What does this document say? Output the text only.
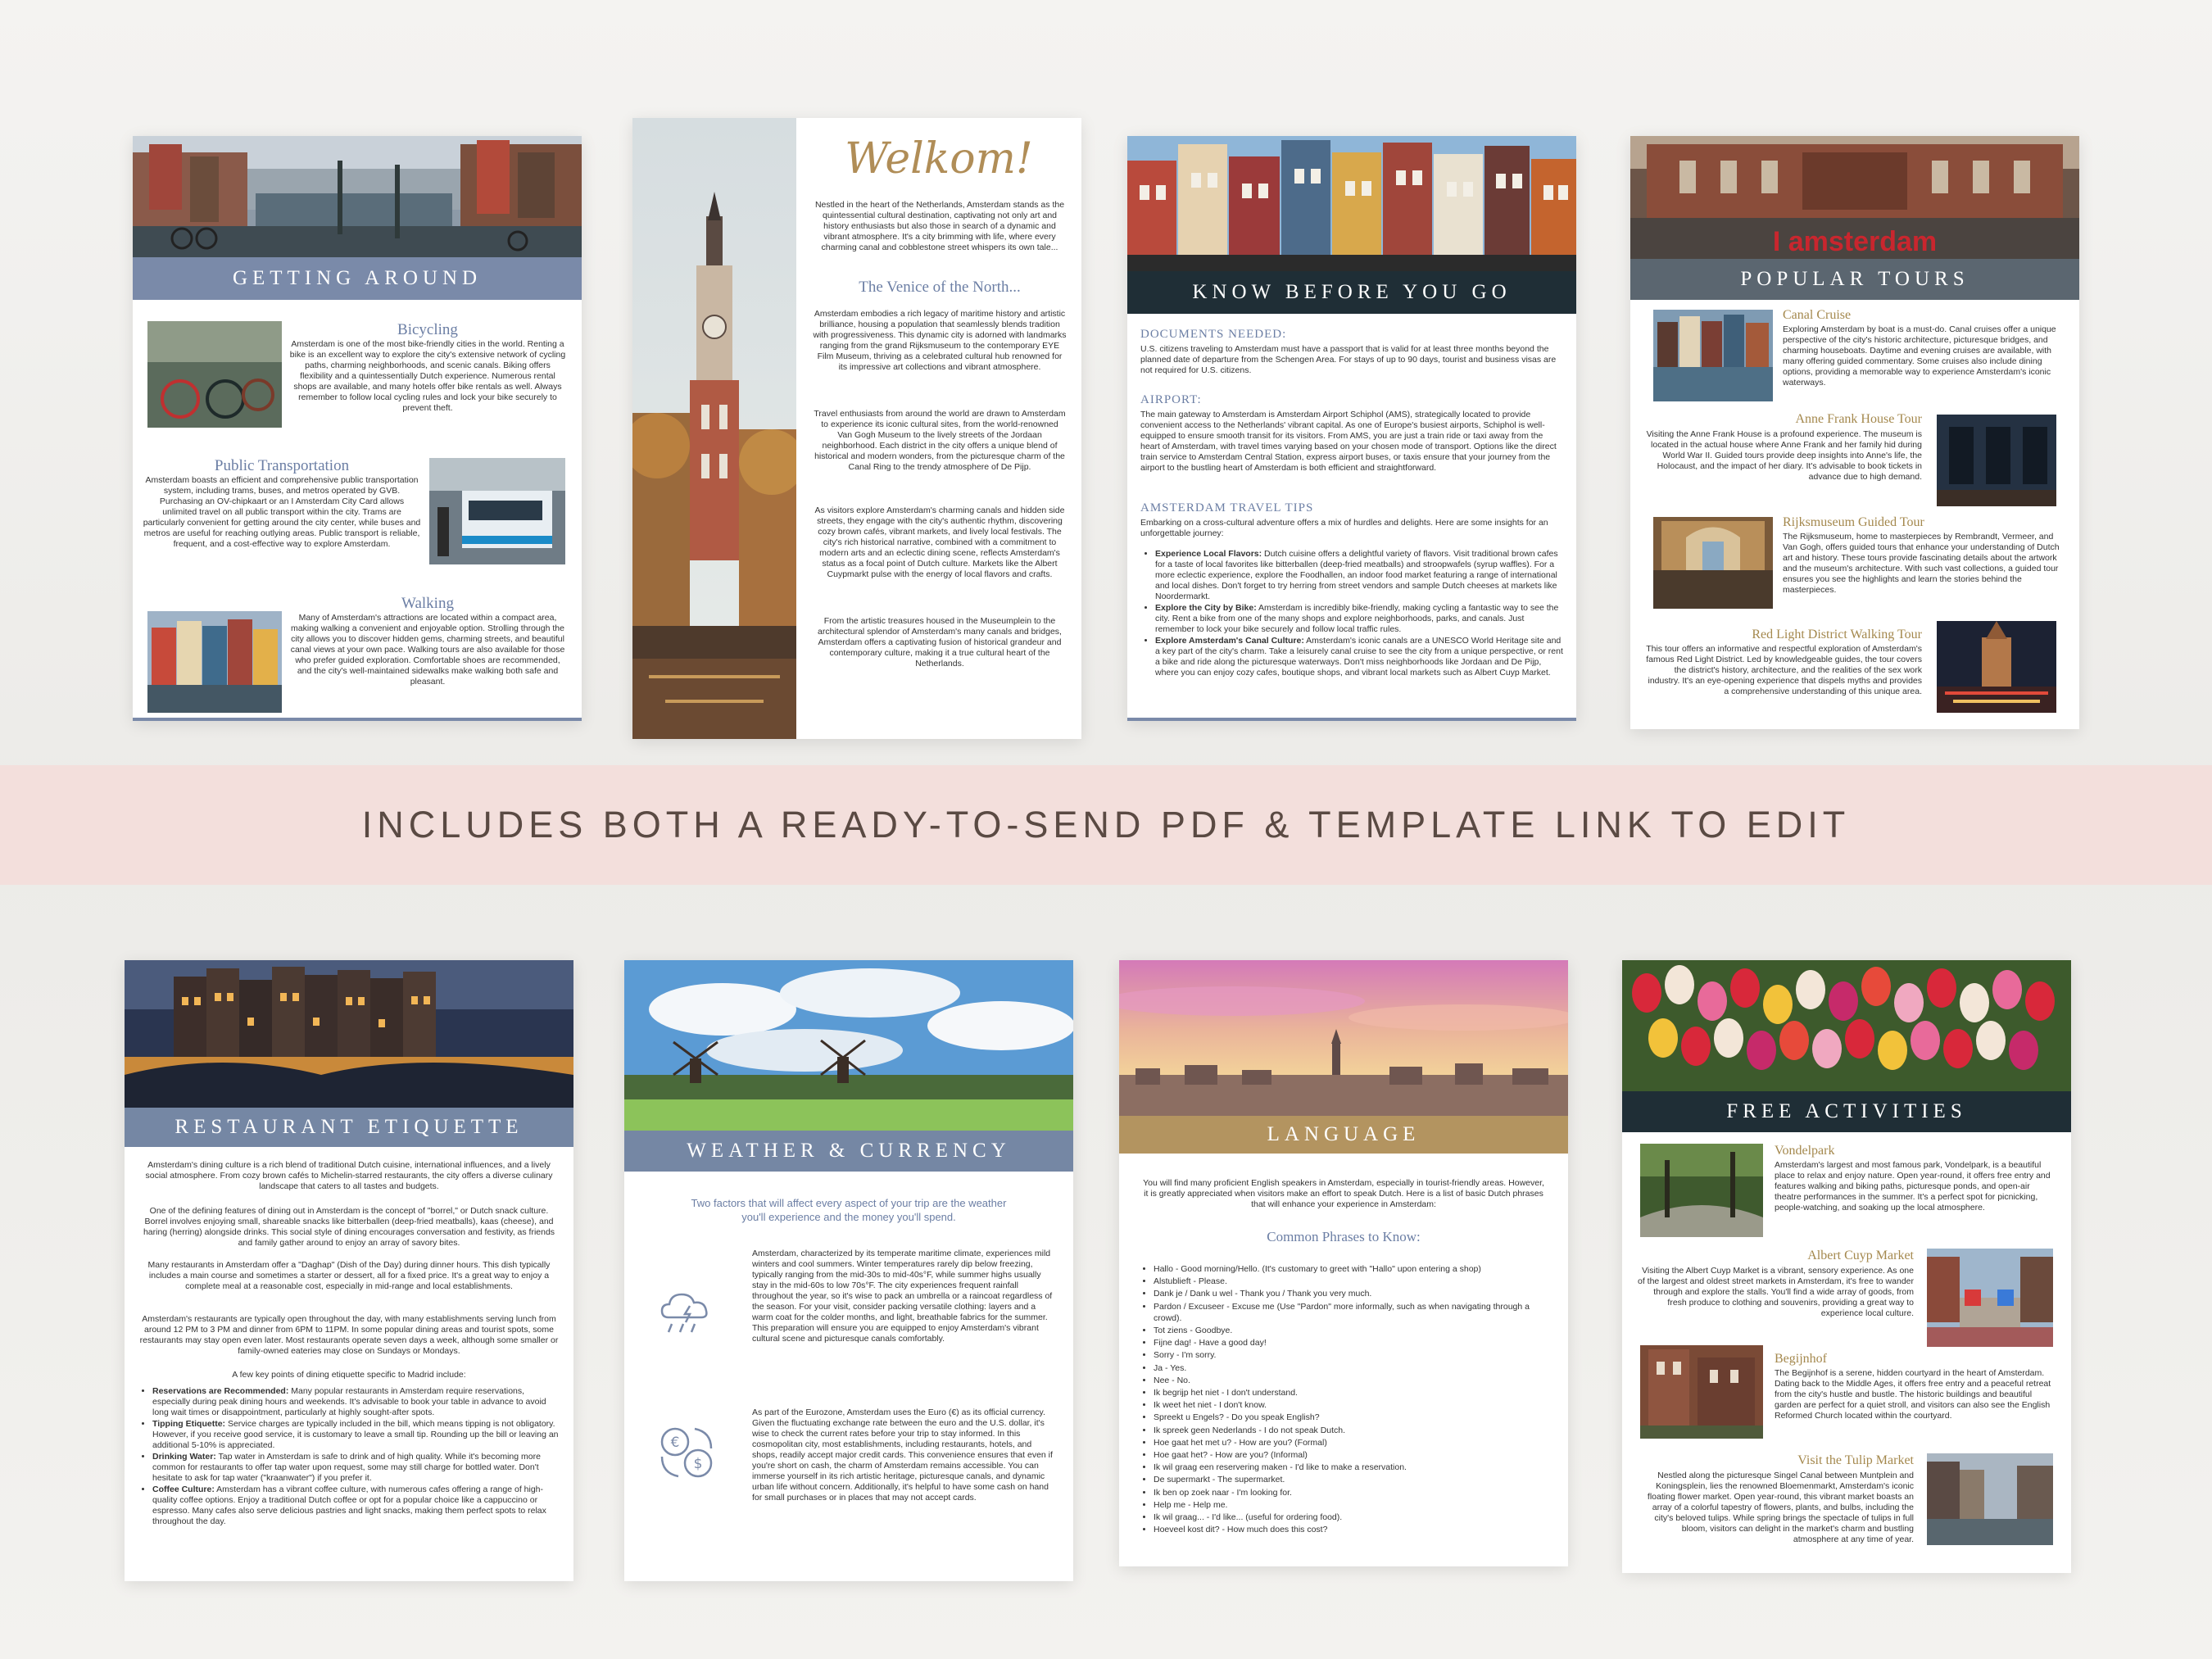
GETTING AROUND
Bicycling
Amsterdam is one of the most bike-friendly cities in the world. Renting a bike is an excellent way to explore the city's extensive network of cycling paths, charming neighborhoods, and scenic canals. Biking offers flexibility and a quintessentially Dutch experience. Numerous rental shops are available, and many hotels offer bike rentals as well. Always remember to follow local cycling rules and lock your bike securely to prevent theft.
Public Transportation
Amsterdam boasts an efficient and comprehensive public transportation system, including trams, buses, and metros operated by GVB. Purchasing an OV-chipkaart or an I Amsterdam City Card allows unlimited travel on all public transport within the city. Trams are particularly convenient for getting around the city center, while buses and metros are useful for reaching outlying areas. Public transport is reliable, frequent, and a cost-effective way to explore Amsterdam.
Walking
Many of Amsterdam's attractions are located within a compact area, making walking a convenient and enjoyable option. Strolling through the city allows you to discover hidden gems, charming streets, and beautiful canal views at your own pace. Walking tours are also available for those who prefer guided exploration. Comfortable shoes are recommended, and the city's well-maintained sidewalks make walking both safe and pleasant.
Welkom!
Nestled in the heart of the Netherlands, Amsterdam stands as the quintessential cultural destination, captivating not only art and history enthusiasts but also those in search of a dynamic and vibrant atmosphere. It's a city brimming with life, where every charming canal and cobblestone street whispers its own tale...
The Venice of the North...
Amsterdam embodies a rich legacy of maritime history and artistic brilliance, housing a population that seamlessly blends tradition with progressiveness. This dynamic city is adorned with landmarks ranging from the grand Rijksmuseum to the contemporary EYE Film Museum, thriving as a celebrated cultural hub renowned for its impressive art collections and vibrant atmosphere.
Travel enthusiasts from around the world are drawn to Amsterdam to experience its iconic cultural sites, from the world-renowned Van Gogh Museum to the lively streets of the Jordaan neighborhood. Each district in the city offers a unique blend of historical and modern wonders, from the picturesque charm of the Canal Ring to the trendy atmosphere of De Pijp.
As visitors explore Amsterdam's charming canals and hidden side streets, they engage with the city's authentic rhythm, discovering cozy brown cafés, vibrant markets, and lively local festivals. The city's rich historical narrative, combined with a commitment to modern arts and an eclectic dining scene, reflects Amsterdam's status as a focal point of Dutch culture. Markets like the Albert Cuypmarkt pulse with the energy of local flavors and crafts.
From the artistic treasures housed in the Museumplein to the architectural splendor of Amsterdam's many canals and bridges, Amsterdam offers a captivating fusion of historical grandeur and contemporary culture, making it a true cultural heart of the Netherlands.
KNOW BEFORE YOU GO
DOCUMENTS NEEDED:
U.S. citizens traveling to Amsterdam must have a passport that is valid for at least three months beyond the planned date of departure from the Schengen Area. For stays of up to 90 days, tourist and business visas are not required for U.S. citizens.
AIRPORT:
The main gateway to Amsterdam is Amsterdam Airport Schiphol (AMS), strategically located to provide convenient access to the Netherlands' vibrant capital. As one of Europe's busiest airports, Schiphol is well-equipped to ensure smooth transit for its visitors. From AMS, you are just a train ride or taxi away from the heart of Amsterdam, with travel times varying based on your chosen mode of transport. Options like the direct train service to Amsterdam Central Station, express airport buses, or taxis ensure that your journey from the airport to the bustling heart of Amsterdam is both efficient and straightforward.
AMSTERDAM TRAVEL TIPS
Embarking on a cross-cultural adventure offers a mix of hurdles and delights. Here are some insights for an unforgettable journey:
• Experience Local Flavors: Dutch cuisine offers a delightful variety of flavors. Visit traditional brown cafes for a taste of local favorites like bitterballen (deep-fried meatballs) and stroopwafels (syrup waffles). For a more eclectic experience, explore the Foodhallen, an indoor food market featuring a range of international and local dishes. Don't forget to try herring from street vendors and sample Dutch cheeses at markets like Noordermarkt.
• Explore the City by Bike: Amsterdam is incredibly bike-friendly, making cycling a fantastic way to see the city. Rent a bike from one of the many shops and explore neighborhoods, parks, and canals. Just remember to lock your bike securely and follow local traffic rules.
• Explore Amsterdam's Canal Culture: Amsterdam's iconic canals are a UNESCO World Heritage site and a key part of the city's charm. Take a leisurely canal cruise to see the city from a unique perspective, or rent a bike and ride along the picturesque waterways. Don't miss neighborhoods like Jordaan and De Pijp, where you can enjoy cozy cafes, boutique shops, and vibrant local markets such as Albert Cuyp Market.
I amsterdam
POPULAR TOURS
Canal Cruise
Exploring Amsterdam by boat is a must-do. Canal cruises offer a unique perspective of the city's historic architecture, picturesque bridges, and charming houseboats. Daytime and evening cruises are available, with many offering guided commentary. Some cruises also include dining options, providing a memorable way to experience Amsterdam's iconic waterways.
Anne Frank House Tour
Visiting the Anne Frank House is a profound experience. The museum is located in the actual house where Anne Frank and her family hid during World War II. Guided tours provide deep insights into Anne's life, the Holocaust, and the impact of her diary. It's advisable to book tickets in advance due to high demand.
Rijksmuseum Guided Tour
The Rijksmuseum, home to masterpieces by Rembrandt, Vermeer, and Van Gogh, offers guided tours that enhance your understanding of Dutch art and history. These tours provide fascinating details about the artwork and the museum's architecture. With such vast collections, a guided tour ensures you see the highlights and learn the stories behind the masterpieces.
Red Light District Walking Tour
This tour offers an informative and respectful exploration of Amsterdam's famous Red Light District. Led by knowledgeable guides, the tour covers the district's history, architecture, and the realities of the sex work industry. It's an eye-opening experience that dispels myths and provides a comprehensive understanding of this unique area.
INCLUDES BOTH A READY-TO-SEND PDF & TEMPLATE LINK TO EDIT
RESTAURANT ETIQUETTE
Amsterdam's dining culture is a rich blend of traditional Dutch cuisine, international influences, and a lively social atmosphere. From cozy brown cafés to Michelin-starred restaurants, the city offers a diverse culinary landscape that caters to all tastes and budgets.
One of the defining features of dining out in Amsterdam is the concept of "borrel," or Dutch snack culture. Borrel involves enjoying small, shareable snacks like bitterballen (deep-fried meatballs), kaas (cheese), and haring (herring) alongside drinks. This social style of dining encourages conversation and festivity, as friends and family gather around to enjoy an array of savory bites.
Many restaurants in Amsterdam offer a "Daghap" (Dish of the Day) during dinner hours. This dish typically includes a main course and sometimes a starter or dessert, all for a fixed price. It's a great way to enjoy a complete meal at a reasonable cost, especially in mid-range and local establishments.
Amsterdam's restaurants are typically open throughout the day, with many establishments serving lunch from around 12 PM to 3 PM and dinner from 6PM to 11PM. In some popular dining areas and tourist spots, some restaurants may stay open even later. Most restaurants operate seven days a week, although some smaller or family-owned eateries may close on Sundays or Mondays.
A few key points of dining etiquette specific to Madrid include:
• Reservations are Recommended: Many popular restaurants in Amsterdam require reservations, especially during peak dining hours and weekends. It's advisable to book your table in advance to avoid long wait times or disappointment, particularly at highly sought-after spots.
• Tipping Etiquette: Service charges are typically included in the bill, which means tipping is not obligatory. However, if you receive good service, it is customary to leave a small tip. Rounding up the bill or leaving an additional 5-10% is appreciated.
• Drinking Water: Tap water in Amsterdam is safe to drink and of high quality. While it's becoming more common for restaurants to offer tap water upon request, some may still charge for bottled water. Don't hesitate to ask for tap water ("kraanwater") if you prefer it.
• Coffee Culture: Amsterdam has a vibrant coffee culture, with numerous cafes offering a range of high-quality coffee options. Enjoy a traditional Dutch coffee or opt for a popular choice like a cappuccino or espresso. Many cafes also serve delicious pastries and light snacks, making them perfect spots to relax throughout the day.
WEATHER & CURRENCY
Two factors that will affect every aspect of your trip are the weather you'll experience and the money you'll spend.
Amsterdam, characterized by its temperate maritime climate, experiences mild winters and cool summers. Winter temperatures rarely dip below freezing, typically ranging from the mid-30s to mid-40s°F, while summer highs usually stay in the mid-60s to low 70s°F. The city experiences frequent rainfall throughout the year, so it's wise to pack an umbrella or a raincoat regardless of the season. For your visit, consider packing versatile clothing: layers and a warm coat for the colder months, and light, breathable fabrics for the summer. This preparation will ensure you are equipped to enjoy Amsterdam's vibrant cultural scene and picturesque canals comfortably.
€
$
As part of the Eurozone, Amsterdam uses the Euro (€) as its official currency. Given the fluctuating exchange rate between the euro and the U.S. dollar, it's wise to check the current rates before your trip to stay informed. In this cosmopolitan city, most establishments, including restaurants, hotels, and shops, readily accept major credit cards. This convenience ensures that even if you're short on cash, the charm of Amsterdam remains accessible. You can immerse yourself in its rich artistic heritage, picturesque canals, and dynamic urban life without concern. Additionally, it's helpful to have some cash on hand for small purchases or in places that may not accept cards.
LANGUAGE
You will find many proficient English speakers in Amsterdam, especially in tourist-friendly areas. However, it is greatly appreciated when visitors make an effort to speak Dutch. Here is a list of basic Dutch phrases that will enhance your experience in Amsterdam:
Common Phrases to Know:
• Hallo - Good morning/Hello. (It's customary to greet with "Hallo" upon entering a shop)
• Alstublieft - Please.
• Dank je / Dank u wel - Thank you / Thank you very much.
• Pardon / Excuseer - Excuse me (Use "Pardon" more informally, such as when navigating through a crowd).
• Tot ziens - Goodbye.
• Fijne dag! - Have a good day!
• Sorry - I'm sorry.
• Ja - Yes.
• Nee - No.
• Ik begrijp het niet - I don't understand.
• Ik weet het niet - I don't know.
• Spreekt u Engels? - Do you speak English?
• Ik spreek geen Nederlands - I do not speak Dutch.
• Hoe gaat het met u? - How are you? (Formal)
• Hoe gaat het? - How are you? (Informal)
• Ik wil graag een reservering maken - I'd like to make a reservation.
• De supermarkt - The supermarket.
• Ik ben op zoek naar - I'm looking for.
• Help me - Help me.
• Ik wil graag... - I'd like... (useful for ordering food).
• Hoeveel kost dit? - How much does this cost?
FREE ACTIVITIES
Vondelpark
Amsterdam's largest and most famous park, Vondelpark, is a beautiful place to relax and enjoy nature. Open year-round, it offers free entry and features walking and biking paths, picturesque ponds, and open-air theatre performances in the summer. It's a perfect spot for picnicking, people-watching, and soaking up the local atmosphere.
Albert Cuyp Market
Visiting the Albert Cuyp Market is a vibrant, sensory experience. As one of the largest and oldest street markets in Amsterdam, it's free to wander through and explore the stalls. You'll find a wide array of goods, from fresh produce to clothing and souvenirs, providing a great way to experience local culture.
Begijnhof
The Begijnhof is a serene, hidden courtyard in the heart of Amsterdam. Dating back to the Middle Ages, it offers free entry and a peaceful retreat from the city's hustle and bustle. The historic buildings and beautiful garden are perfect for a quiet stroll, and visitors can also see the English Reformed Church located within the courtyard.
Visit the Tulip Market
Nestled along the picturesque Singel Canal between Muntplein and Koningsplein, lies the renowned Bloemenmarkt, Amsterdam's iconic floating flower market. Open year-round, this vibrant market boasts an array of a colorful tapestry of flowers, plants, and bulbs, including the city's beloved tulips. While spring brings the spectacle of tulips in full bloom, visitors can delight in the market's charm and bustling atmosphere at any time of year.
